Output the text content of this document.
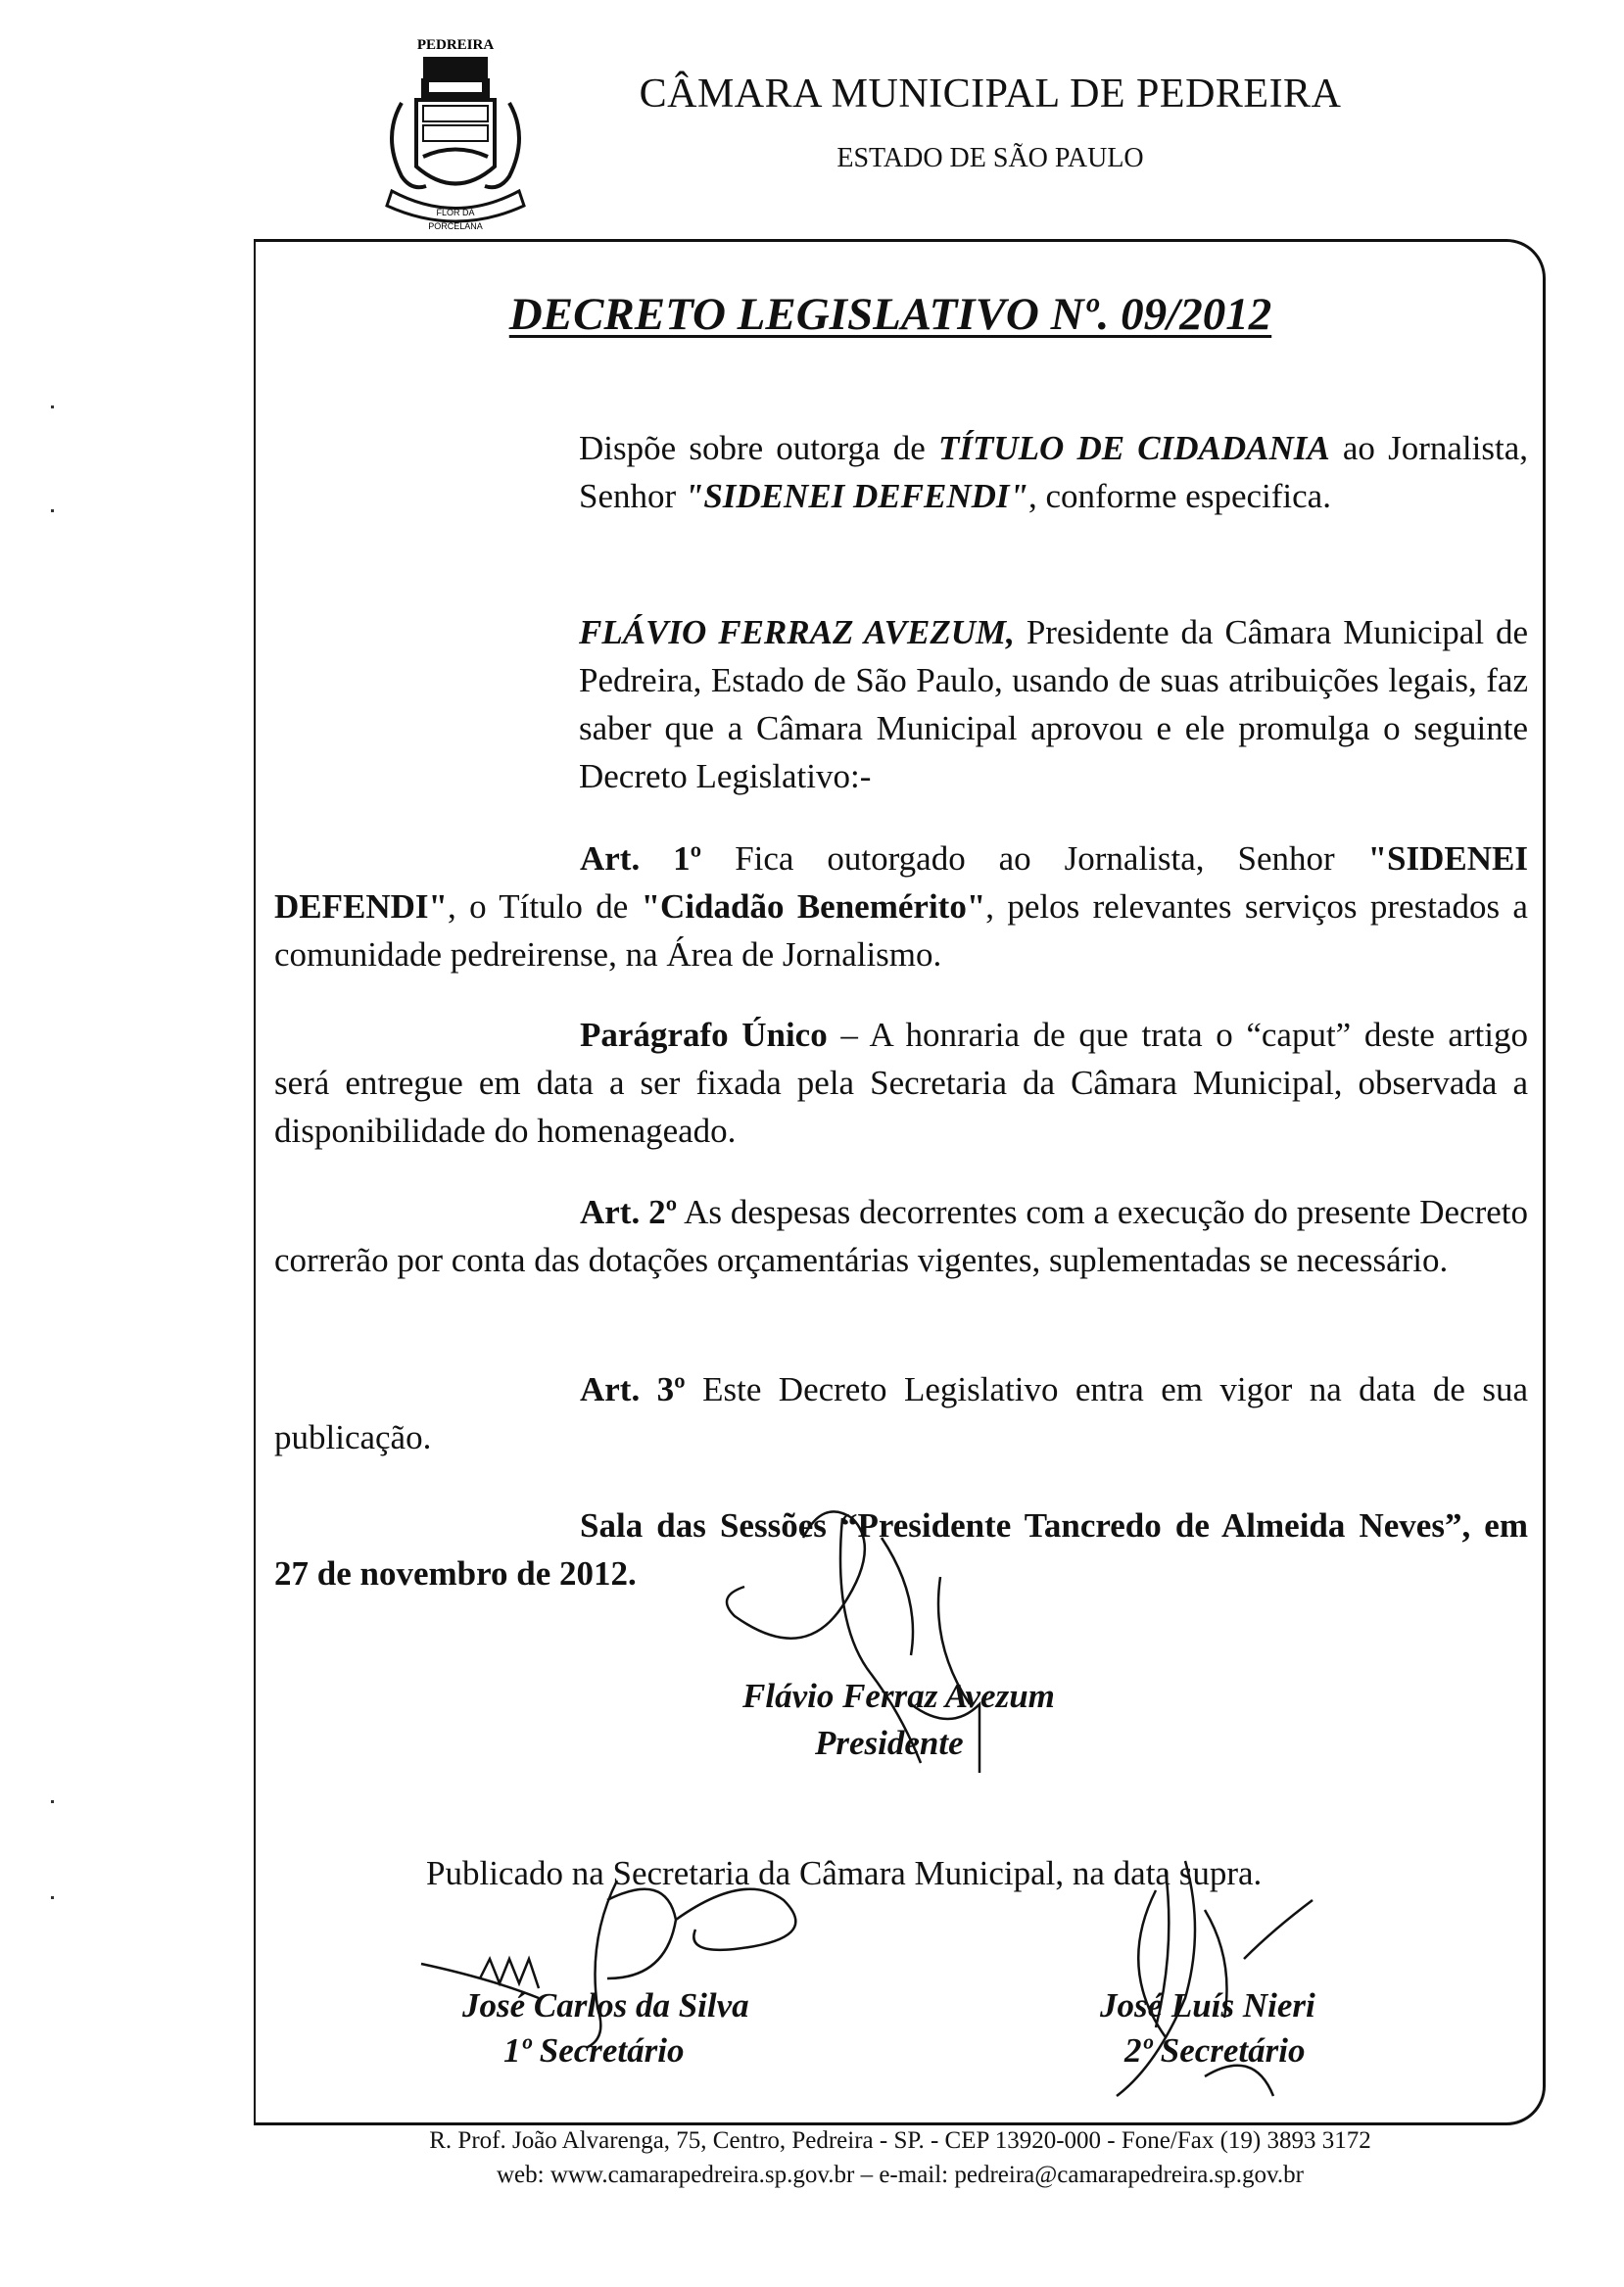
PEDREIRA
FLOR DA
PORCELANA
CÂMARA MUNICIPAL DE PEDREIRA
ESTADO DE SÃO PAULO
DECRETO LEGISLATIVO Nº. 09/2012
Dispõe sobre outorga de TÍTULO DE CIDADANIA ao Jornalista, Senhor "SIDENEI DEFENDI", conforme especifica.
FLÁVIO FERRAZ AVEZUM, Presidente da Câmara Municipal de Pedreira, Estado de São Paulo, usando de suas atribuições legais, faz saber que a Câmara Municipal aprovou e ele promulga o seguinte Decreto Legislativo:-
Art. 1º Fica outorgado ao Jornalista, Senhor "SIDENEI DEFENDI", o Título de "Cidadão Benemérito", pelos relevantes serviços prestados a comunidade pedreirense, na Área de Jornalismo.
Parágrafo Único – A honraria de que trata o “caput” deste artigo será entregue em data a ser fixada pela Secretaria da Câmara Municipal, observada a disponibilidade do homenageado.
Art. 2º As despesas decorrentes com a execução do presente Decreto correrão por conta das dotações orçamentárias vigentes, suplementadas se necessário.
Art. 3º Este Decreto Legislativo entra em vigor na data de sua publicação.
Sala das Sessões “Presidente Tancredo de Almeida Neves”, em 27 de novembro de 2012.
Flávio Ferraz Avezum
Presidente
Publicado na Secretaria da Câmara Municipal, na data supra.
José Carlos da Silva
1º Secretário
José Luís Nieri
2º Secretário
R. Prof. João Alvarenga, 75, Centro, Pedreira - SP. - CEP 13920-000 - Fone/Fax (19) 3893 3172
web: www.camarapedreira.sp.gov.br – e-mail: pedreira@camarapedreira.sp.gov.br
